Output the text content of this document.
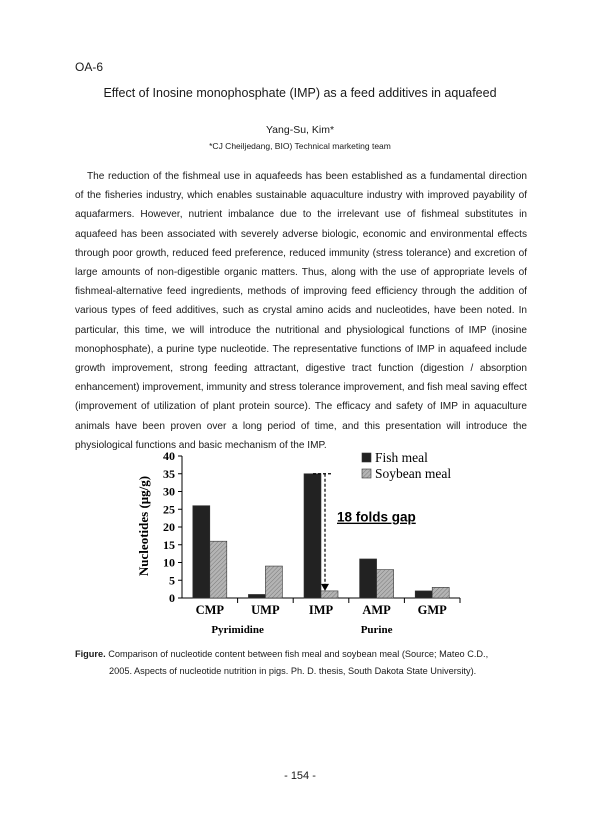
OA-6
Effect of Inosine monophosphate (IMP) as a feed additives in aquafeed
Yang-Su, Kim*
*CJ Cheiljedang, BIO) Technical marketing team

The reduction of the fishmeal use in aquafeeds has been established as a fundamental direction of the fisheries industry, which enables sustainable aquaculture industry with improved payability of aquafarmers. However, nutrient imbalance due to the irrelevant use of fishmeal substitutes in aquafeed has been associated with severely adverse biologic, economic and environmental effects through poor growth, reduced feed preference, reduced immunity (stress tolerance) and excretion of large amounts of non-digestible organic matters. Thus, along with the use of appropriate levels of fishmeal-alternative feed ingredients, methods of improving feed efficiency through the addition of various types of feed additives, such as crystal amino acids and nucleotides, have been noted. In particular, this time, we will introduce the nutritional and physiological functions of IMP (inosine monophosphate), a purine type nucleotide. The representative functions of IMP in aquafeed include growth improvement, strong feeding attractant, digestive tract function (digestion / absorption enhancement) improvement, immunity and stress tolerance improvement, and fish meal saving effect (improvement of utilization of plant protein source). The efficacy and safety of IMP in aquaculture animals have been proven over a long period of time, and this presentation will introduce the physiological functions and basic mechanism of the IMP.

Nucleotides (μg/g)
0
5
10
15
20
25
30
35
40
CMP UMP IMP AMP GMP
Pyrimidine	Purine
18 folds gap
Fish meal
Soybean meal
Figure. Comparison of nucleotide content between fish meal and soybean meal (Source; Mateo C.D.,
2005. Aspects of nucleotide nutrition in pigs. Ph. D. thesis, South Dakota State University).
- 154 -
